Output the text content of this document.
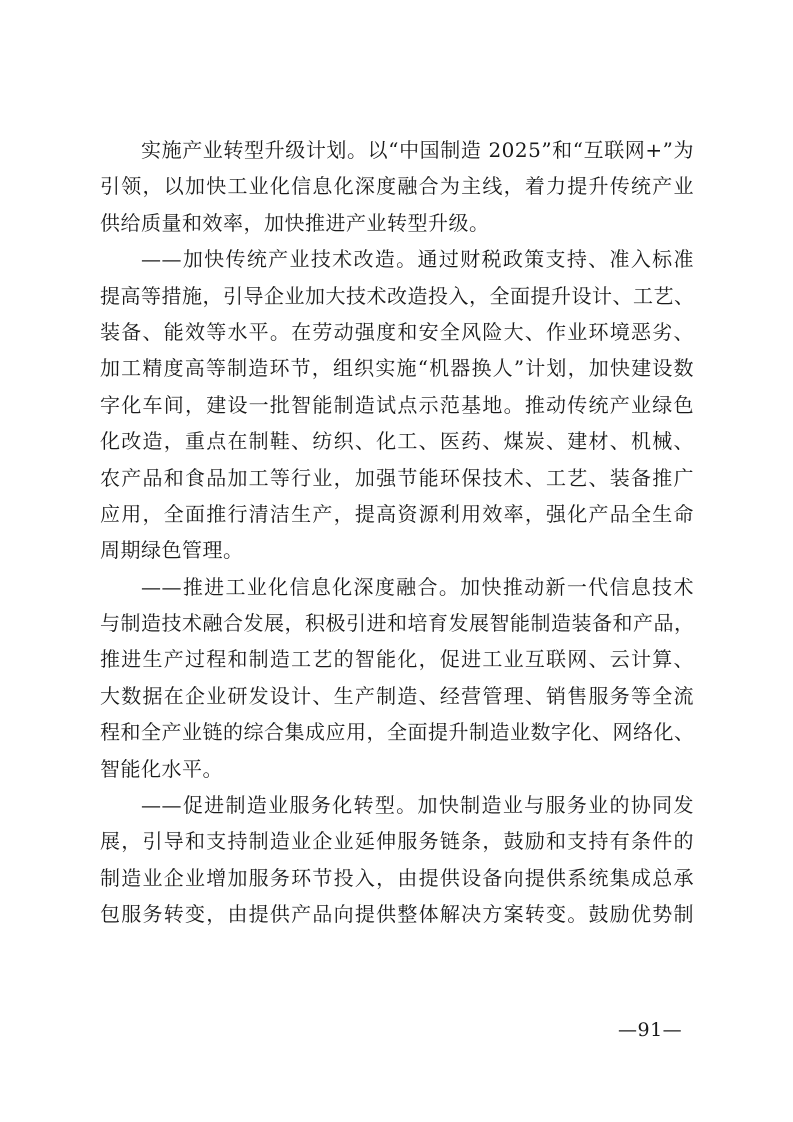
实施产业转型升级计划。以“中国制造 2025”和“互联网+”为
引领，以加快工业化信息化深度融合为主线，着力提升传统产业
供给质量和效率，加快推进产业转型升级。
——加快传统产业技术改造。通过财税政策支持、准入标准
提高等措施，引导企业加大技术改造投入，全面提升设计、工艺、
装备、能效等水平。在劳动强度和安全风险大、作业环境恶劣、
加工精度高等制造环节，组织实施“机器换人”计划，加快建设数
字化车间，建设一批智能制造试点示范基地。推动传统产业绿色
化改造，重点在制鞋、纺织、化工、医药、煤炭、建材、机械、
农产品和食品加工等行业，加强节能环保技术、工艺、装备推广
应用，全面推行清洁生产，提高资源利用效率，强化产品全生命
周期绿色管理。
——推进工业化信息化深度融合。加快推动新一代信息技术
与制造技术融合发展，积极引进和培育发展智能制造装备和产品，
推进生产过程和制造工艺的智能化，促进工业互联网、云计算、
大数据在企业研发设计、生产制造、经营管理、销售服务等全流
程和全产业链的综合集成应用，全面提升制造业数字化、网络化、
智能化水平。
——促进制造业服务化转型。加快制造业与服务业的协同发
展，引导和支持制造业企业延伸服务链条，鼓励和支持有条件的
制造业企业增加服务环节投入，由提供设备向提供系统集成总承
包服务转变，由提供产品向提供整体解决方案转变。鼓励优势制
—91—
